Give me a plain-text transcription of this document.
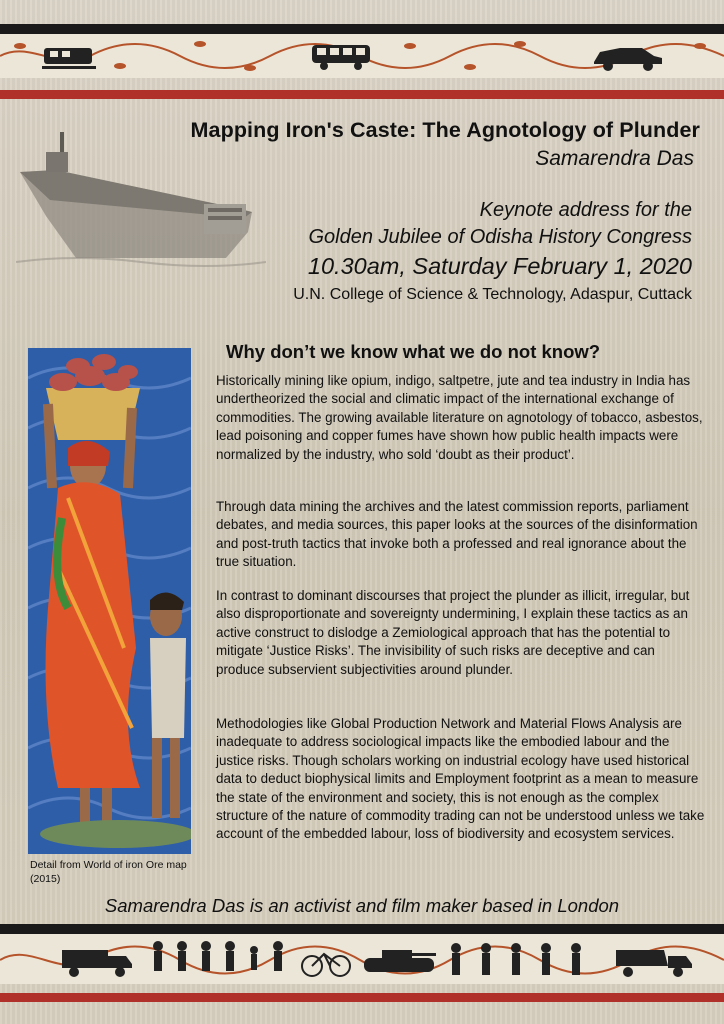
Mapping Iron's Caste: The Agnotology of Plunder
Samarendra Das
Keynote address for the
Golden Jubilee of Odisha History Congress
10.30am, Saturday February 1, 2020
U.N. College of Science & Technology, Adaspur, Cuttack
Detail from World of iron Ore map (2015)
Why don’t we know what we do not know?

Historically mining like opium, indigo, saltpetre, jute and tea industry in India has undertheorized the social and climatic impact of the international exchange of commodities. The growing available literature on agnotology of tobacco, asbestos, lead poisoning and copper fumes have shown how public health impacts were normalized by the industry, who sold ‘doubt as their product’.

Through data mining the archives and the latest commission reports, parliament debates, and media sources, this paper looks at the sources of the disinformation and post-truth tactics that invoke both a professed and real ignorance about the true situation.

In contrast to dominant discourses that project the plunder as illicit, irregular, but also disproportionate and sovereignty undermining, I explain these tactics as an active construct to dislodge a Zemiological approach that has the potential to mitigate ‘Justice Risks’. The invisibility of such risks are deceptive and can produce subservient subjectivities around plunder.

Methodologies like Global Production Network and Material Flows Analysis are inadequate to address sociological impacts like the embodied labour and the justice risks. Though scholars working on industrial ecology have used historical data to deduct biophysical limits and Employment footprint as a mean to measure the state of the environment and society, this is not enough as the complex structure of the nature of commodity trading can not be understood unless we take account of the embedded labour, loss of biodiversity and ecosystem services.

Samarendra Das is an activist and film maker based in London
